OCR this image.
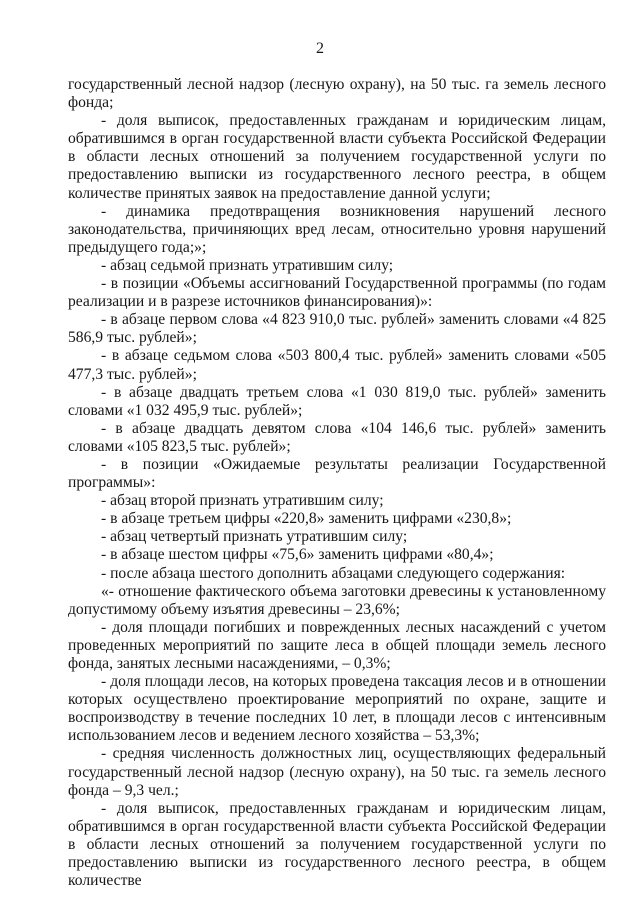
2

государственный лесной надзор (лесную охрану), на 50 тыс. га земель лесного фонда;

- доля выписок, предоставленных гражданам и юридическим лицам, обратившимся в орган государственной власти субъекта Российской Федерации в области лесных отношений за получением государственной услуги по предоставлению выписки из государственного лесного реестра, в общем количестве принятых заявок на предоставление данной услуги;

- динамика предотвращения возникновения нарушений лесного законодательства, причиняющих вред лесам, относительно уровня нарушений предыдущего года;»;

- абзац седьмой признать утратившим силу;

- в позиции «Объемы ассигнований Государственной программы (по годам реализации и в разрезе источников финансирования)»:

- в абзаце первом слова «4 823 910,0 тыс. рублей» заменить словами «4 825 586,9 тыс. рублей»;

- в абзаце седьмом слова «503 800,4 тыс. рублей» заменить словами «505 477,3 тыс. рублей»;

- в абзаце двадцать третьем слова «1 030 819,0 тыс. рублей» заменить словами «1 032 495,9 тыс. рублей»;

- в абзаце двадцать девятом слова «104 146,6 тыс. рублей» заменить словами «105 823,5 тыс. рублей»;

- в позиции «Ожидаемые результаты реализации Государственной программы»:

- абзац второй признать утратившим силу;

- в абзаце третьем цифры «220,8» заменить цифрами «230,8»;

- абзац четвертый признать утратившим силу;

- в абзаце шестом цифры «75,6» заменить цифрами «80,4»;

- после абзаца шестого дополнить абзацами следующего содержания:

«- отношение фактического объема заготовки древесины к установленному допустимому объему изъятия древесины – 23,6%;

- доля площади погибших и поврежденных лесных насаждений с учетом проведенных мероприятий по защите леса в общей площади земель лесного фонда, занятых лесными насаждениями, – 0,3%;

- доля площади лесов, на которых проведена таксация лесов и в отношении которых осуществлено проектирование мероприятий по охране, защите и воспроизводству в течение последних 10 лет, в площади лесов с интенсивным использованием лесов и ведением лесного хозяйства – 53,3%;

- средняя численность должностных лиц, осуществляющих федеральный государственный лесной надзор (лесную охрану), на 50 тыс. га земель лесного фонда – 9,3 чел.;

- доля выписок, предоставленных гражданам и юридическим лицам, обратившимся в орган государственной власти субъекта Российской Федерации в области лесных отношений за получением государственной услуги по предоставлению выписки из государственного лесного реестра, в общем количестве
